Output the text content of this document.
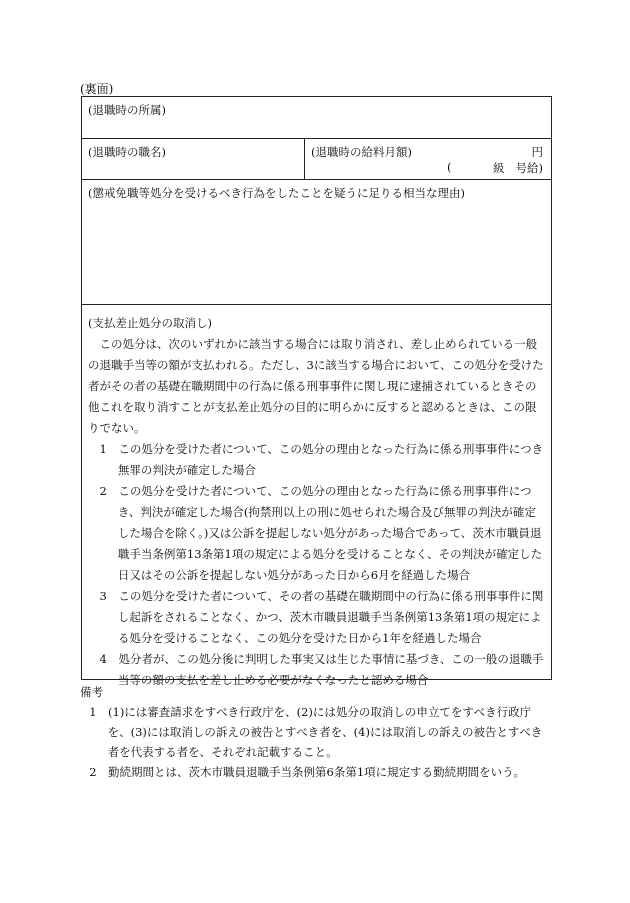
(裏面)
(退職時の所属)
(退職時の職名)	(退職時の給料月額)	円
(	級 号給)
(懲戒免職等処分を受けるべき行為をしたことを疑うに足りる相当な理由)

(支払差止処分の取消し)

この処分は、次のいずれかに該当する場合には取り消され、差し止められている一般の退職手当等の額が支払われる。ただし、3に該当する場合において、この処分を受けた者がその者の基礎在職期間中の行為に係る刑事事件に関し現に逮捕されているときその他これを取り消すことが支払差止処分の目的に明らかに反すると認めるときは、この限りでない。

1　この処分を受けた者について、この処分の理由となった行為に係る刑事事件につき無罪の判決が確定した場合

2　この処分を受けた者について、この処分の理由となった行為に係る刑事事件につき、判決が確定した場合(拘禁刑以上の刑に処せられた場合及び無罪の判決が確定した場合を除く。)又は公訴を提起しない処分があった場合であって、茨木市職員退職手当条例第13条第1項の規定による処分を受けることなく、その判決が確定した日又はその公訴を提起しない処分があった日から6月を経過した場合

3　この処分を受けた者について、その者の基礎在職期間中の行為に係る刑事事件に関し起訴をされることなく、かつ、茨木市職員退職手当条例第13条第1項の規定による処分を受けることなく、この処分を受けた日から1年を経過した場合

4　処分者が、この処分後に判明した事実又は生じた事情に基づき、この一般の退職手当等の額の支払を差し止める必要がなくなったと認める場合

備考

1　(1)には審査請求をすべき行政庁を、(2)には処分の取消しの申立てをすべき行政庁を、(3)には取消しの訴えの被告とすべき者を、(4)には取消しの訴えの被告とすべき者を代表する者を、それぞれ記載すること。

2　勤続期間とは、茨木市職員退職手当条例第6条第1項に規定する勤続期間をいう。
